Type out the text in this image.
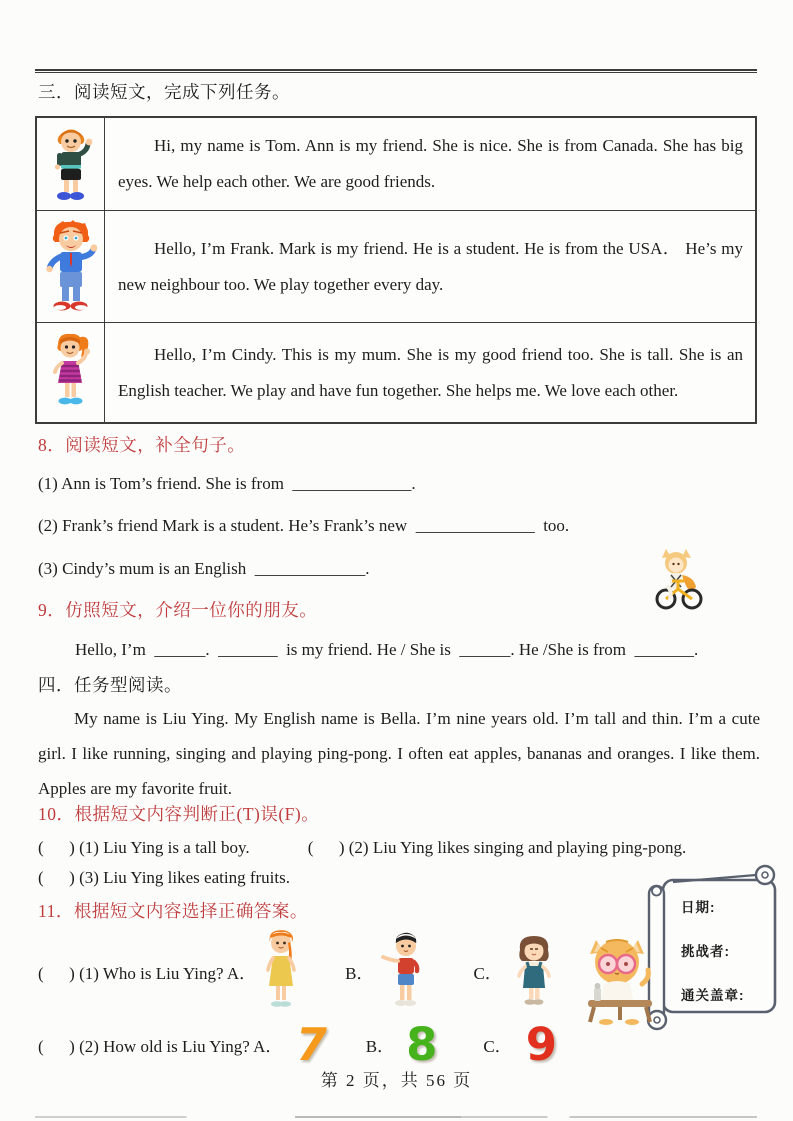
三．阅读短文，完成下列任务。

Hi, my name is Tom. Ann is my friend. She is nice. She is from Canada. She has big eyes. We help each other. We are good friends.

Hello, I’m Frank. Mark is my friend. He is a student. He is from the USA． He’s my new neighbour too. We play together every day.

Hello, I’m Cindy. This is my mum. She is my good friend too. She is tall. She is an English teacher. We play and have fun together. She helps me. We love each other.

8．阅读短文，补全句子。
(1) Ann is Tom’s friend. She is from  ______________.
(2) Frank’s friend Mark is a student. He’s Frank’s new  ______________  too.
(3) Cindy’s mum is an English  _____________.
9．仿照短文，介绍一位你的朋友。
Hello, I’m  ______.  _______  is my friend. He / She is  ______. He /She is from  _______.
四．任务型阅读。
My name is Liu Ying. My English name is Bella. I’m nine years old. I’m tall and thin. I’m a cute girl. I like running, singing and playing ping-pong. I often eat apples, bananas and oranges. I like them. Apples are my favorite fruit.
10．根据短文内容判断正(T)误(F)。
(      ) (1) Liu Ying is a tall boy.	(      ) (2) Liu Ying likes singing and playing ping-pong.
(      ) (3) Liu Ying likes eating fruits.
11．根据短文内容选择正确答案。
(      ) (1) Who is Liu Ying? A．

	B．

	C．

日期:
挑战者:
通关盖章:
(      ) (2) How old is Liu Ying? A． 7 B． 8	C． 9
第 2 页，共 56 页
